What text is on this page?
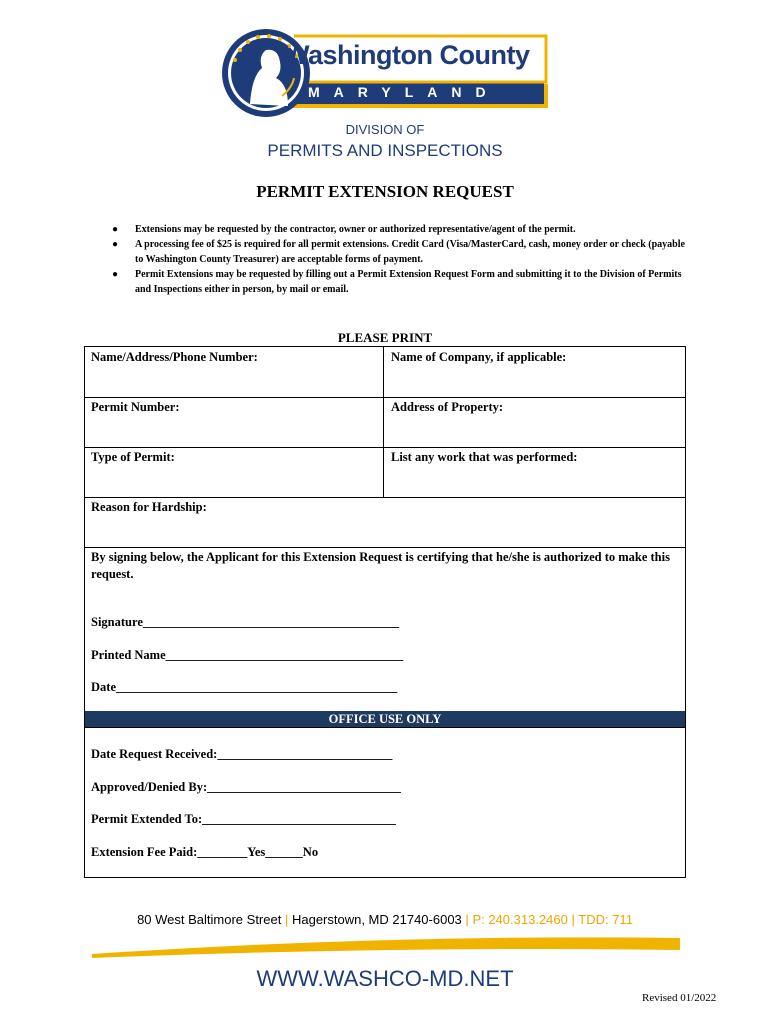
Washington County
MARYLAND
1776
DIVISION OF
PERMITS AND INSPECTIONS
PERMIT EXTENSION REQUEST
● Extensions may be requested by the contractor, owner or authorized representative/agent of the permit.
● A processing fee of $25 is required for all permit extensions. Credit Card (Visa/MasterCard, cash, money order or check (payable to Washington County Treasurer) are acceptable forms of payment.
● Permit Extensions may be requested by filling out a Permit Extension Request Form and submitting it to the Division of Permits and Inspections either in person, by mail or email.
PLEASE PRINT
Name/Address/Phone Number:	Name of Company, if applicable:
Permit Number:	Address of Property:
Type of Permit:	List any work that was performed:
Reason for Hardship:
By signing below, the Applicant for this Extension Request is certifying that he/she is authorized to make this request.
Signature_________________________________________
Printed Name______________________________________
Date_____________________________________________
OFFICE USE ONLY
Date Request Received:____________________________
Approved/Denied By:_______________________________
Permit Extended To:_______________________________
Extension Fee Paid:________Yes______No
80 West Baltimore Street | Hagerstown, MD 21740-6003 | P: 240.313.2460 | TDD: 711
WWW.WASHCO-MD.NET
Revised 01/2022
